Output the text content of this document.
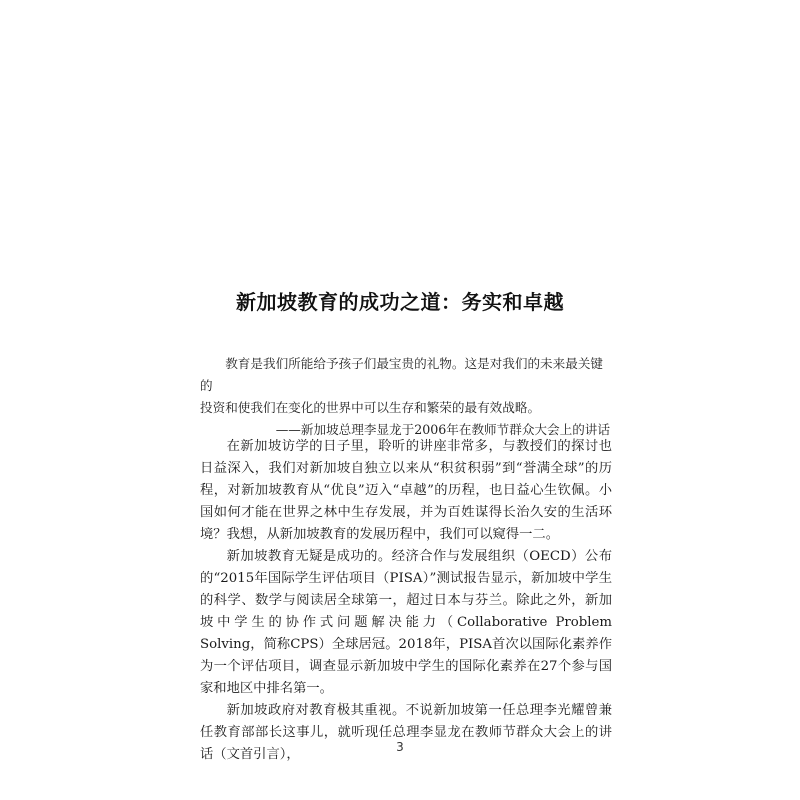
新加坡教育的成功之道：务实和卓越

教育是我们所能给予孩子们最宝贵的礼物。这是对我们的未来最关键的

投资和使我们在变化的世界中可以生存和繁荣的最有效战略。

——新加坡总理李显龙于2006年在教师节群众大会上的讲话

在新加坡访学的日子里，聆听的讲座非常多，与教授们的探讨也日益深入，我们对新加坡自独立以来从“积贫积弱”到“誉满全球”的历程，对新加坡教育从“优良”迈入“卓越”的历程，也日益心生钦佩。小国如何才能在世界之林中生存发展，并为百姓谋得长治久安的生活环境？我想，从新加坡教育的发展历程中，我们可以窥得一二。

新加坡教育无疑是成功的。经济合作与发展组织（OECD）公布的“2015年国际学生评估项目（PISA）”测试报告显示，新加坡中学生的科学、数学与阅读居全球第一，超过日本与芬兰。除此之外，新加坡中学生的协作式问题解决能力（Collaborative Problem Solving，简称CPS）全球居冠。2018年，PISA首次以国际化素养作为一个评估项目，调查显示新加坡中学生的国际化素养在27个参与国家和地区中排名第一。

新加坡政府对教育极其重视。不说新加坡第一任总理李光耀曾兼任教育部部长这事儿，就听现任总理李显龙在教师节群众大会上的讲话（文首引言），	3
